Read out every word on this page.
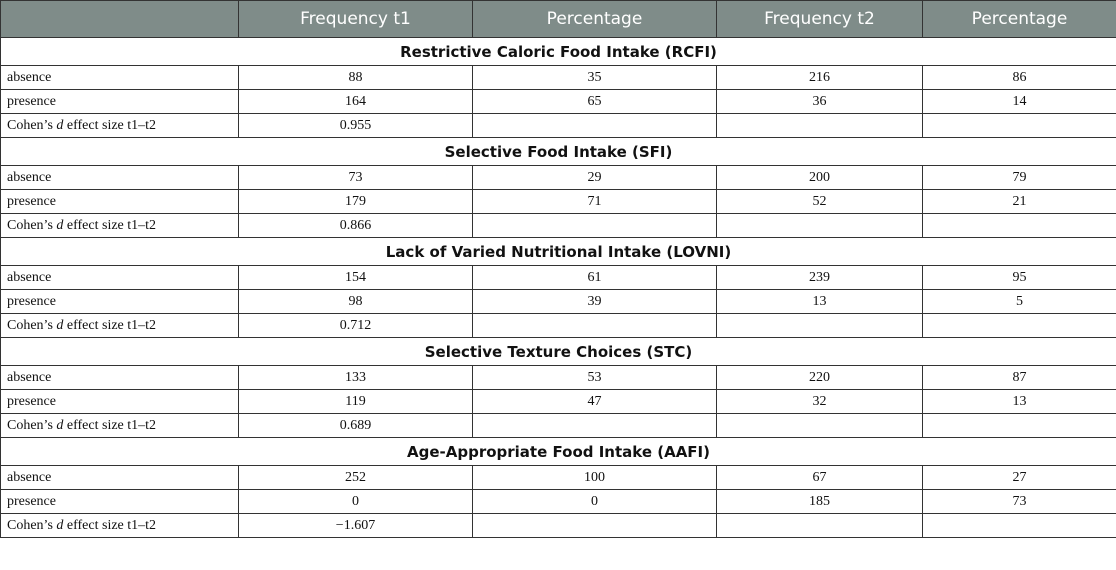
	Frequency t1	Percentage	Frequency t2	Percentage
Restrictive Caloric Food Intake (RCFI)				
absence	88	35	216	86
presence	164	65	36	14
Cohen’s d effect size t1–t2	0.955			
Selective Food Intake (SFI)				
absence	73	29	200	79
presence	179	71	52	21
Cohen’s d effect size t1–t2	0.866			
Lack of Varied Nutritional Intake (LOVNI)				
absence	154	61	239	95
presence	98	39	13	5
Cohen’s d effect size t1–t2	0.712			
Selective Texture Choices (STC)				
absence	133	53	220	87
presence	119	47	32	13
Cohen’s d effect size t1–t2	0.689			
Age-Appropriate Food Intake (AAFI)				
absence	252	100	67	27
presence	0	0	185	73
Cohen’s d effect size t1–t2	−1.607			
